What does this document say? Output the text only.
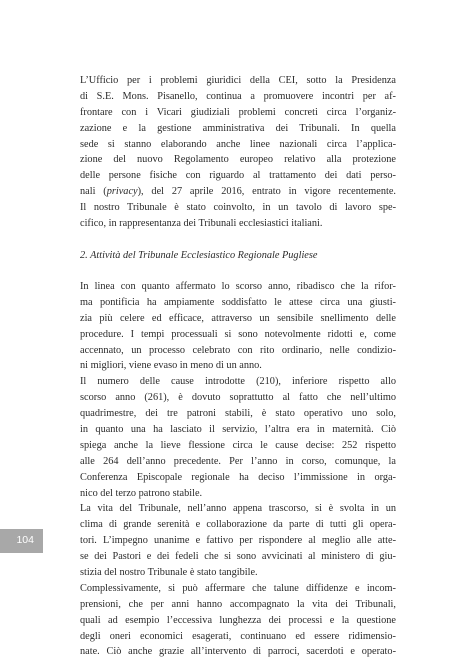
L’Ufficio per i problemi giuridici della CEI, sotto la Presidenza
di S.E. Mons. Pisanello, continua a promuovere incontri per af-
frontare con i Vicari giudiziali problemi concreti circa l’organiz-
zazione e la gestione amministrativa dei Tribunali. In quella
sede si stanno elaborando anche linee nazionali circa l’applica-
zione del nuovo Regolamento europeo relativo alla protezione
delle persone fisiche con riguardo al trattamento dei dati perso-
nali (privacy), del 27 aprile 2016, entrato in vigore recentemente.
Il nostro Tribunale è stato coinvolto, in un tavolo di lavoro spe-
cifico, in rappresentanza dei Tribunali ecclesiastici italiani.
2. Attività del Tribunale Ecclesiastico Regionale Pugliese
In linea con quanto affermato lo scorso anno, ribadisco che la rifor-
ma pontificia ha ampiamente soddisfatto le attese circa una giusti-
zia più celere ed efficace, attraverso un sensibile snellimento delle
procedure. I tempi processuali si sono notevolmente ridotti e, come
accennato, un processo celebrato con rito ordinario, nelle condizio-
ni migliori, viene evaso in meno di un anno.
Il numero delle cause introdotte (210), inferiore rispetto allo
scorso anno (261), è dovuto soprattutto al fatto che nell’ultimo
quadrimestre, dei tre patroni stabili, è stato operativo uno solo,
in quanto una ha lasciato il servizio, l’altra era in maternità. Ciò
spiega anche la lieve flessione circa le cause decise: 252 rispetto
alle 264 dell’anno precedente. Per l’anno in corso, comunque, la
Conferenza Episcopale regionale ha deciso l’immissione in orga-
nico del terzo patrono stabile.
La vita del Tribunale, nell’anno appena trascorso, si è svolta in un
clima di grande serenità e collaborazione da parte di tutti gli opera-
tori. L’impegno unanime e fattivo per rispondere al meglio alle atte-
se dei Pastori e dei fedeli che si sono avvicinati al ministero di giu-
stizia del nostro Tribunale è stato tangibile.
Complessivamente, si può affermare che talune diffidenze e incom-
prensioni, che per anni hanno accompagnato la vita dei Tribunali,
quali ad esempio l’eccessiva lunghezza dei processi e la questione
degli oneri economici esagerati, continuano ed essere ridimensio-
nate. Ciò anche grazie all’intervento di parroci, sacerdoti e operato-
104
